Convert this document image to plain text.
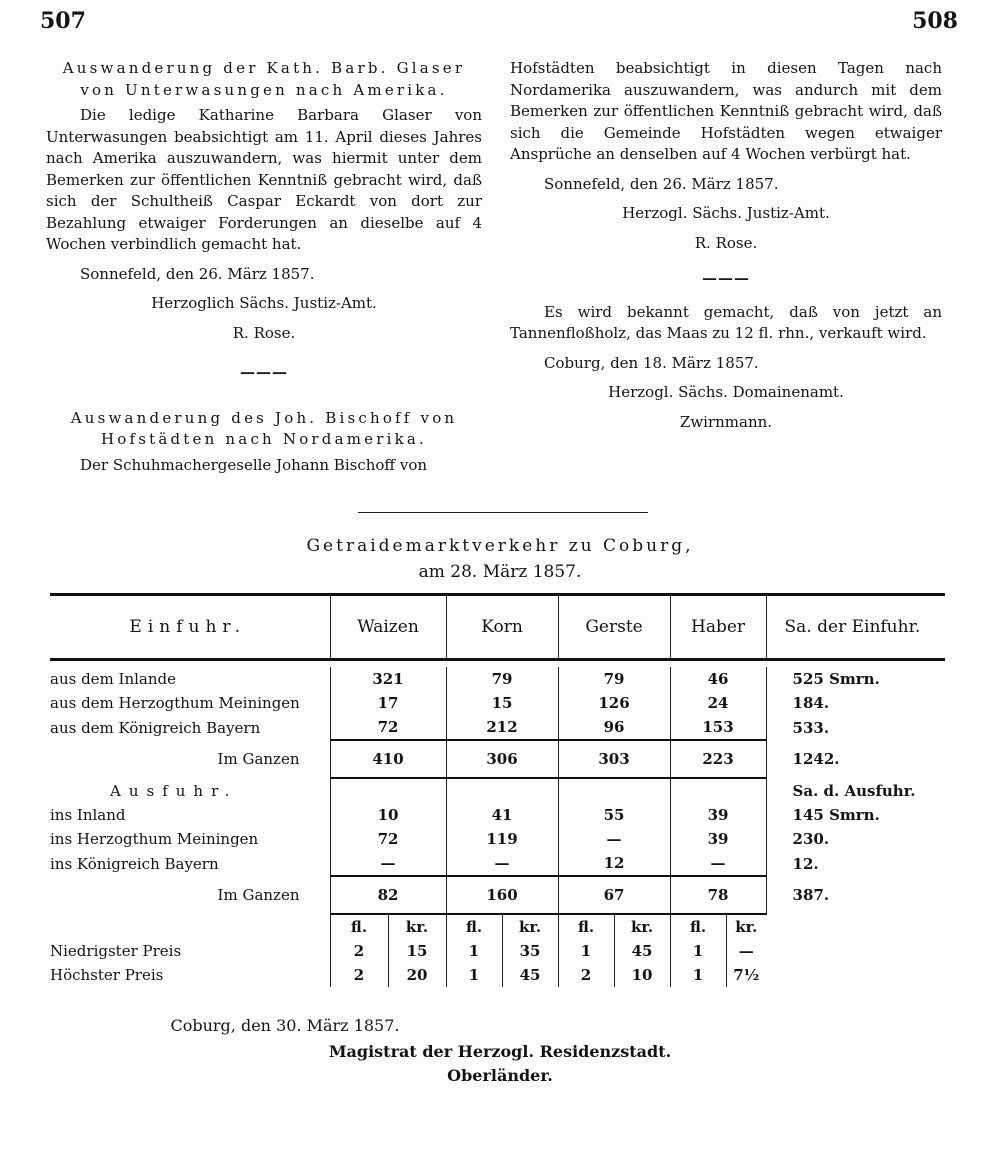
507	508

Auswanderung der Kath. Barb. Glaser

von Unterwasungen nach Amerika.

Die ledige Katharine Barbara Glaser von Unterwasungen beabsichtigt am 11. April dieses Jahres nach Amerika auszuwandern, was hiermit unter dem Bemerken zur öffentlichen Kenntniß gebracht wird, daß sich der Schultheiß Caspar Eckardt von dort zur Bezahlung etwaiger Forderungen an dieselbe auf 4 Wochen verbindlich gemacht hat.

Sonnefeld, den 26. März 1857.

Herzoglich Sächs. Justiz-Amt.

R. Rose.

———

Auswanderung des Joh. Bischoff von

Hofstädten nach Nordamerika.

Der Schuhmachergeselle Johann Bischoff von

Hofstädten beabsichtigt in diesen Tagen nach Nordamerika auszuwandern, was andurch mit dem Bemerken zur öffentlichen Kenntniß gebracht wird, daß sich die Gemeinde Hofstädten wegen etwaiger Ansprüche an denselben auf 4 Wochen verbürgt hat.

Sonnefeld, den 26. März 1857.

Herzogl. Sächs. Justiz-Amt.

R. Rose.

———

Es wird bekannt gemacht, daß von jetzt an Tannenfloßholz, das Maas zu 12 fl. rhn., verkauft wird.

Coburg, den 18. März 1857.

Herzogl. Sächs. Domainenamt.

Zwirnmann.

Getraidemarktverkehr zu Coburg,
am 28. März 1857.
Einfuhr.	Waizen		Korn		Gerste		Haber		Sa. der Einfuhr.

aus dem Inlande	321		79		79		46		525 Smrn.
aus dem Herzogthum Meiningen	17		15		126		24		184.
aus dem Königreich Bayern	72		212		96		153		533.
Im Ganzen	410		306		303		223		1242.
Ausfuhr.									Sa. d. Ausfuhr.
ins Inland	10		41		55		39		145 Smrn.
ins Herzogthum Meiningen	72		119		—		39		230.
ins Königreich Bayern	—		—		12		—		12.
Im Ganzen	82		160		67		78		387.
	fl.	kr.	fl.	kr.	fl.	kr.	fl.	kr.	
Niedrigster Preis	2	15	1	35	1	45	1	—	
Höchster Preis	2	20	1	45	2	10	1	7½	
Coburg, den 30. März 1857.
Magistrat der Herzogl. Residenzstadt.
Oberländer.
